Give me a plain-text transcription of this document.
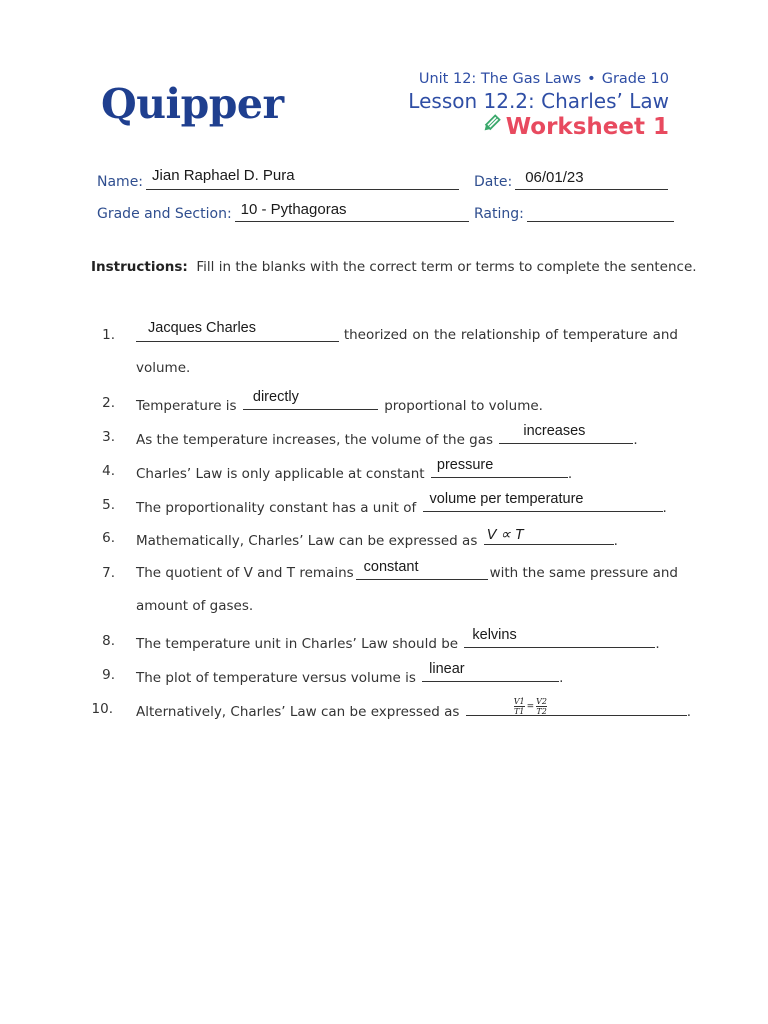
Quipper
Unit 12: The Gas Laws • Grade 10
Lesson 12.2: Charles’ Law
Worksheet 1
Name: Jian Raphael D. Pura	Date: 06/01/23
Grade and Section: 10 - Pythagoras	Rating:
Instructions: Fill in the blanks with the correct term or terms to complete the sentence.
1. Jacques Charles	theorized on the relationship of temperature and
volume.
2. Temperature is
directly
proportional to volume.
3. As the temperature increases, the volume of the gas
increases
.
4. Charles’ Law is only applicable at constant
pressure
.
5. The proportionality constant has a unit of
volume per temperature
.
6. Mathematically, Charles’ Law can be expressed as V ∝ T	.
7. The quotient of V and T remains constant	with the same pressure and
amount of gases.
8. The temperature unit in Charles’ Law should be
kelvins
.
9. The plot of temperature versus volume is
linear
.
10. Alternatively, Charles’ Law can be expressed as	$\frac{V1}{T1} = \frac{V2}{T2}$	.
